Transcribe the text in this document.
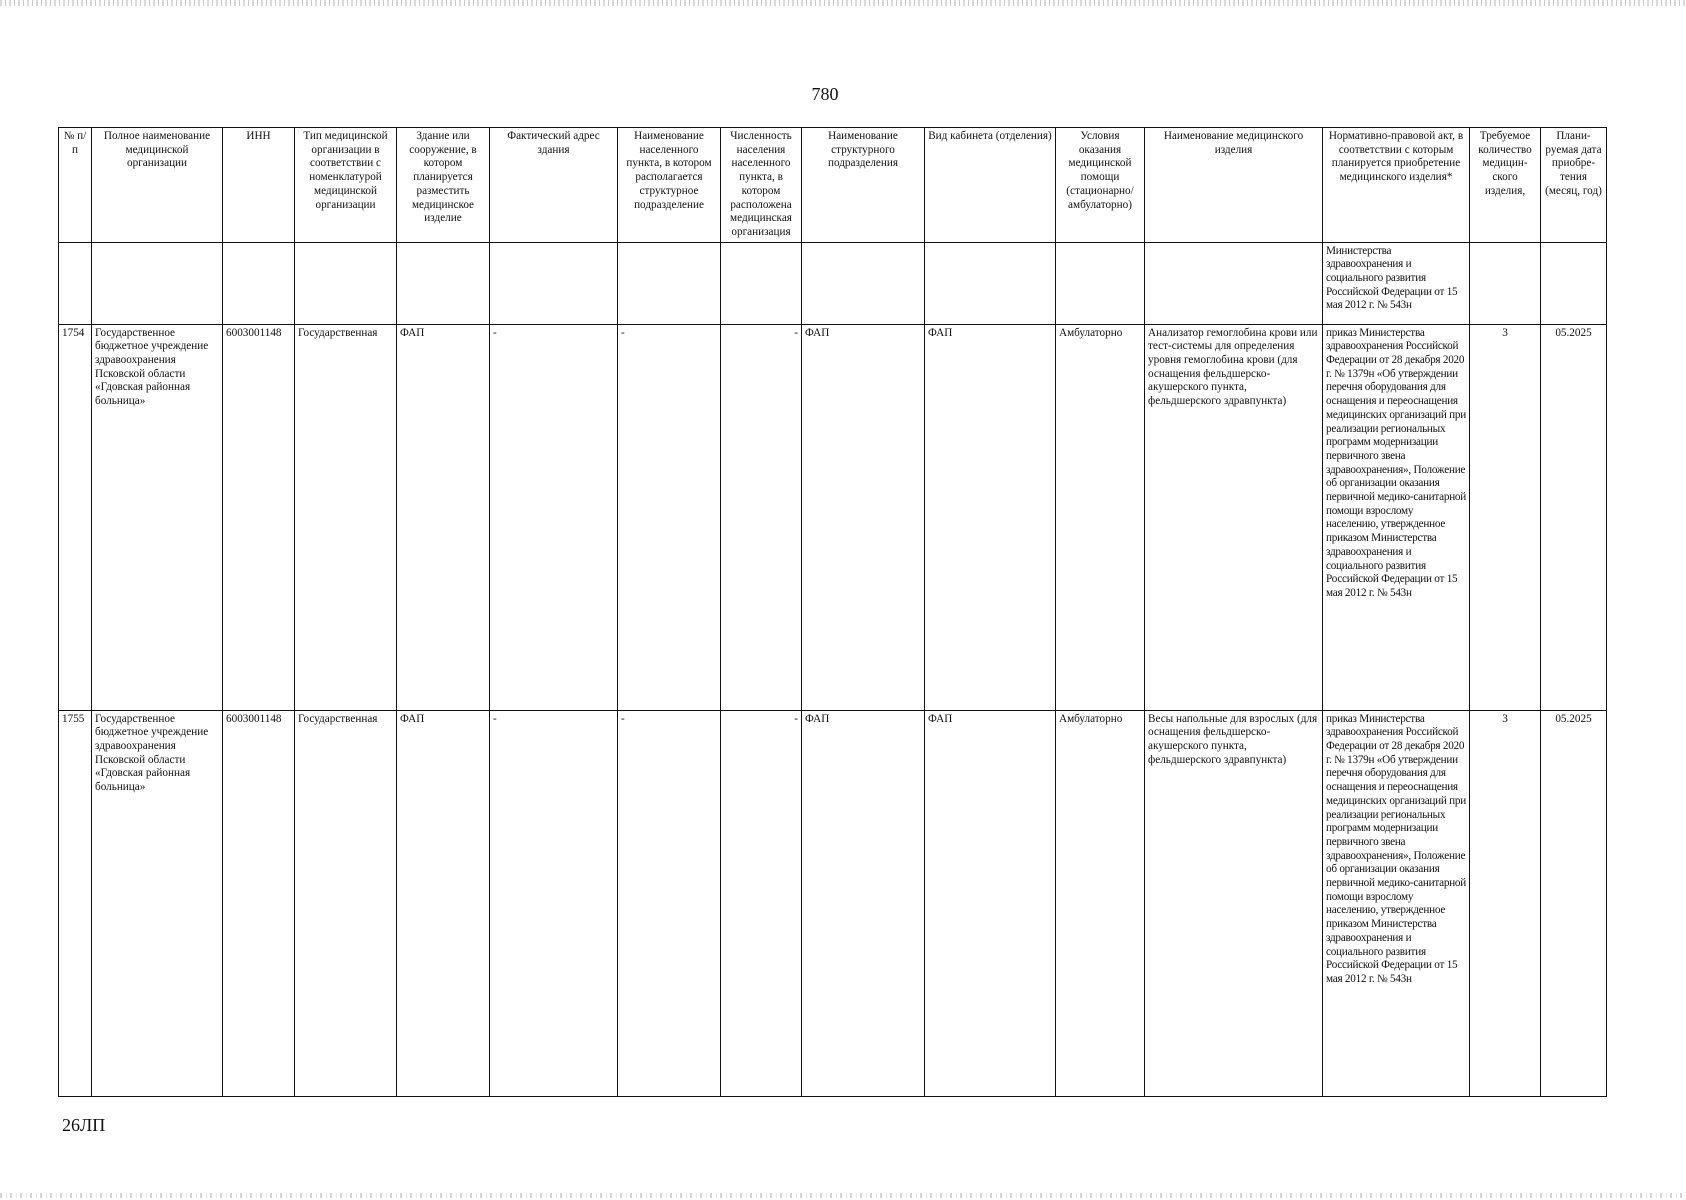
780
№ п/п	Полное наименование медицинской организации	ИНН	Тип медицинской организации в соответствии с номенклатурой медицинской организации	Здание или сооружение, в котором планируется разместить медицинское изделие	Фактический адрес здания	Наименование населенного пункта, в котором располагается структурное подразделение	Численность населения населенного пункта, в котором расположена медицинская организация	Наименование структурного подразделения	Вид кабинета (отделения)	Условия оказания медицинской помощи (стационарно/ амбулаторно)	Наименование медицинского изделия	Нормативно-правовой акт, в соответствии с которым планируется приобретение медицинского изделия*	Требуемое количество медицин-ского изделия,	Плани-руемая дата приобре-тения (месяц, год)
												Министерства здравоохранения и социального развития Российской Федерации от 15 мая 2012 г. № 543н		
1754	Государственное бюджетное учреждение здравоохранения Псковской области «Гдовская районная больница»	6003001148	Государственная	ФАП	-	-	-	ФАП	ФАП	Амбулаторно	Анализатор гемоглобина крови или тест-системы для определения уровня гемоглобина крови (для оснащения фельдшерско-акушерского пункта, фельдшерского здравпункта)	приказ Министерства здравоохранения Российской Федерации от 28 декабря 2020 г. № 1379н «Об утверждении перечня оборудования для оснащения и переоснащения медицинских организаций при реализации региональных программ модернизации первичного звена здравоохранения», Положение об организации оказания первичной медико-санитарной помощи взрослому населению, утвержденное приказом Министерства здравоохранения и социального развития Российской Федерации от 15 мая 2012 г. № 543н	3	05.2025
1755	Государственное бюджетное учреждение здравоохранения Псковской области «Гдовская районная больница»	6003001148	Государственная	ФАП	-	-	-	ФАП	ФАП	Амбулаторно	Весы напольные для взрослых (для оснащения фельдшерско-акушерского пункта, фельдшерского здравпункта)	приказ Министерства здравоохранения Российской Федерации от 28 декабря 2020 г. № 1379н «Об утверждении перечня оборудования для оснащения и переоснащения медицинских организаций при реализации региональных программ модернизации первичного звена здравоохранения», Положение об организации оказания первичной медико-санитарной помощи взрослому населению, утвержденное приказом Министерства здравоохранения и социального развития Российской Федерации от 15 мая 2012 г. № 543н	3	05.2025
26ЛП
